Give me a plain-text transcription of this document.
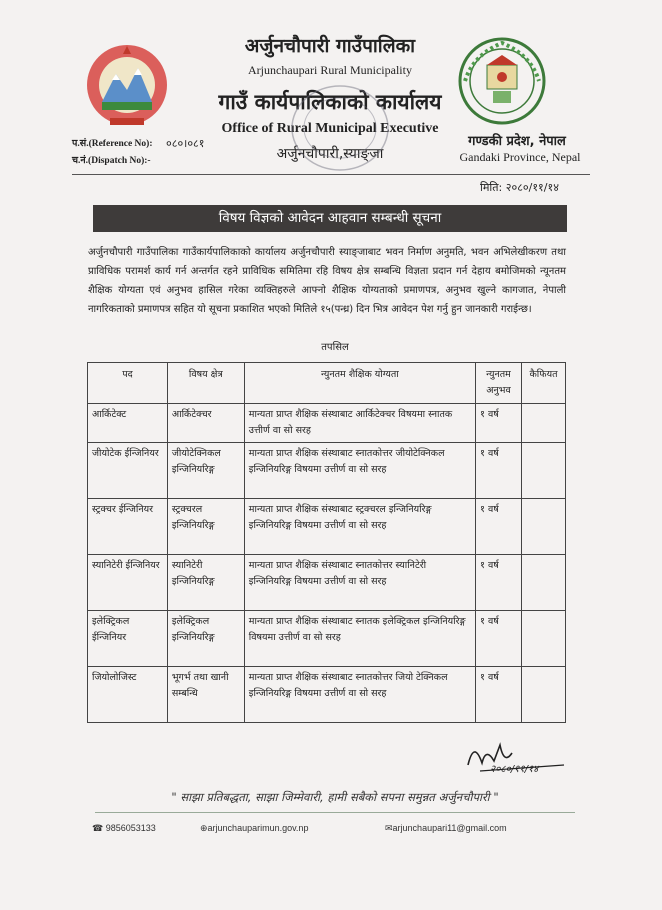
अर्जुनचौपारी गाउँपालिका
Arjunchaupari Rural Municipality
गाउँ कार्यपालिकाको कार्यालय
Office of Rural Municipal Executive
अर्जुनचौपारी,स्याङ्जा
प.सं.(Reference No): ०८०।०८१
च.नं.(Dispatch No):-
गण्डकी प्रदेश, नेपाल
Gandaki Province, Nepal
मिति: २०८०/११/१४
विषय विज्ञको आवेदन आहवान सम्बन्धी सूचना
अर्जुनचौपारी गाउँपालिका गाउँकार्यपालिकाको कार्यालय अर्जुनचौपारी स्याङ्जाबाट भवन निर्माण अनुमति, भवन अभिलेखीकरण तथा प्राविधिक परामर्श कार्य गर्न अन्तर्गत रहने प्राविधिक समितिमा रहि विषय क्षेत्र सम्बन्धि विज्ञता प्रदान गर्न देहाय बमोजिमको न्यूनतम शैक्षिक योग्यता एवं अनुभव हासिल गरेका व्यक्तिहरुले आफ्नो शैक्षिक योग्यताको प्रमाणपत्र, अनुभव खुल्ने कागजात, नेपाली नागरिकताको प्रमाणपत्र सहित यो सूचना प्रकाशित भएको मितिले १५(पन्ध्र) दिन भित्र आवेदन पेश गर्नु हुन जानकारी गराईन्छ।
तपसिल
पद	विषय क्षेत्र	न्युनतम शैक्षिक योग्यता	न्युनतम अनुभव	कैफियत
आर्किटेक्ट	आर्किटेक्चर	मान्यता प्राप्त शैक्षिक संस्थाबाट आर्किटेक्चर विषयमा स्नातक उत्तीर्ण वा सो सरह	१ वर्ष	
जीयोटेक ईन्जिनियर	जीयोटेक्निकल इन्जिनियरिङ्ग	मान्यता प्राप्त शैक्षिक संस्थाबाट स्नातकोत्तर जीयोटेक्निकल इन्जिनियरिङ्ग विषयमा उत्तीर्ण वा सो सरह	१ वर्ष	
स्ट्रक्चर ईन्जिनियर	स्ट्रक्चरल इन्जिनियरिङ्ग	मान्यता प्राप्त शैक्षिक संस्थाबाट स्ट्रक्चरल इन्जिनियरिङ्ग इन्जिनियरिङ्ग विषयमा उत्तीर्ण वा सो सरह	१ वर्ष	
स्यानिटेरी ईन्जिनियर	स्यानिटेरी इन्जिनियरिङ्ग	मान्यता प्राप्त शैक्षिक संस्थाबाट स्नातकोत्तर स्यानिटेरी इन्जिनियरिङ्ग विषयमा उत्तीर्ण वा सो सरह	१ वर्ष	
इलेक्ट्रिकल ईन्जिनियर	इलेक्ट्रिकल इन्जिनियरिङ्ग	मान्यता प्राप्त शैक्षिक संस्थाबाट स्नातक इलेक्ट्रिकल इन्जिनियरिङ्ग विषयमा उत्तीर्ण वा सो सरह	१ वर्ष	
जियोलोजिस्ट	भूगर्भ तथा खानी सम्बन्धि	मान्यता प्राप्त शैक्षिक संस्थाबाट स्नातकोत्तर जियो टेक्निकल इन्जिनियरिङ्ग विषयमा उत्तीर्ण वा सो सरह	१ वर्ष	
२०८०/११/१४
" साझा प्रतिबद्धता, साझा जिम्मेवारी, हामी सबैको सपना समुन्नत अर्जुनचौपारी "
☎ 9856053133	⊕arjunchauparimun.gov.np	✉arjunchaupari11@gmail.com
